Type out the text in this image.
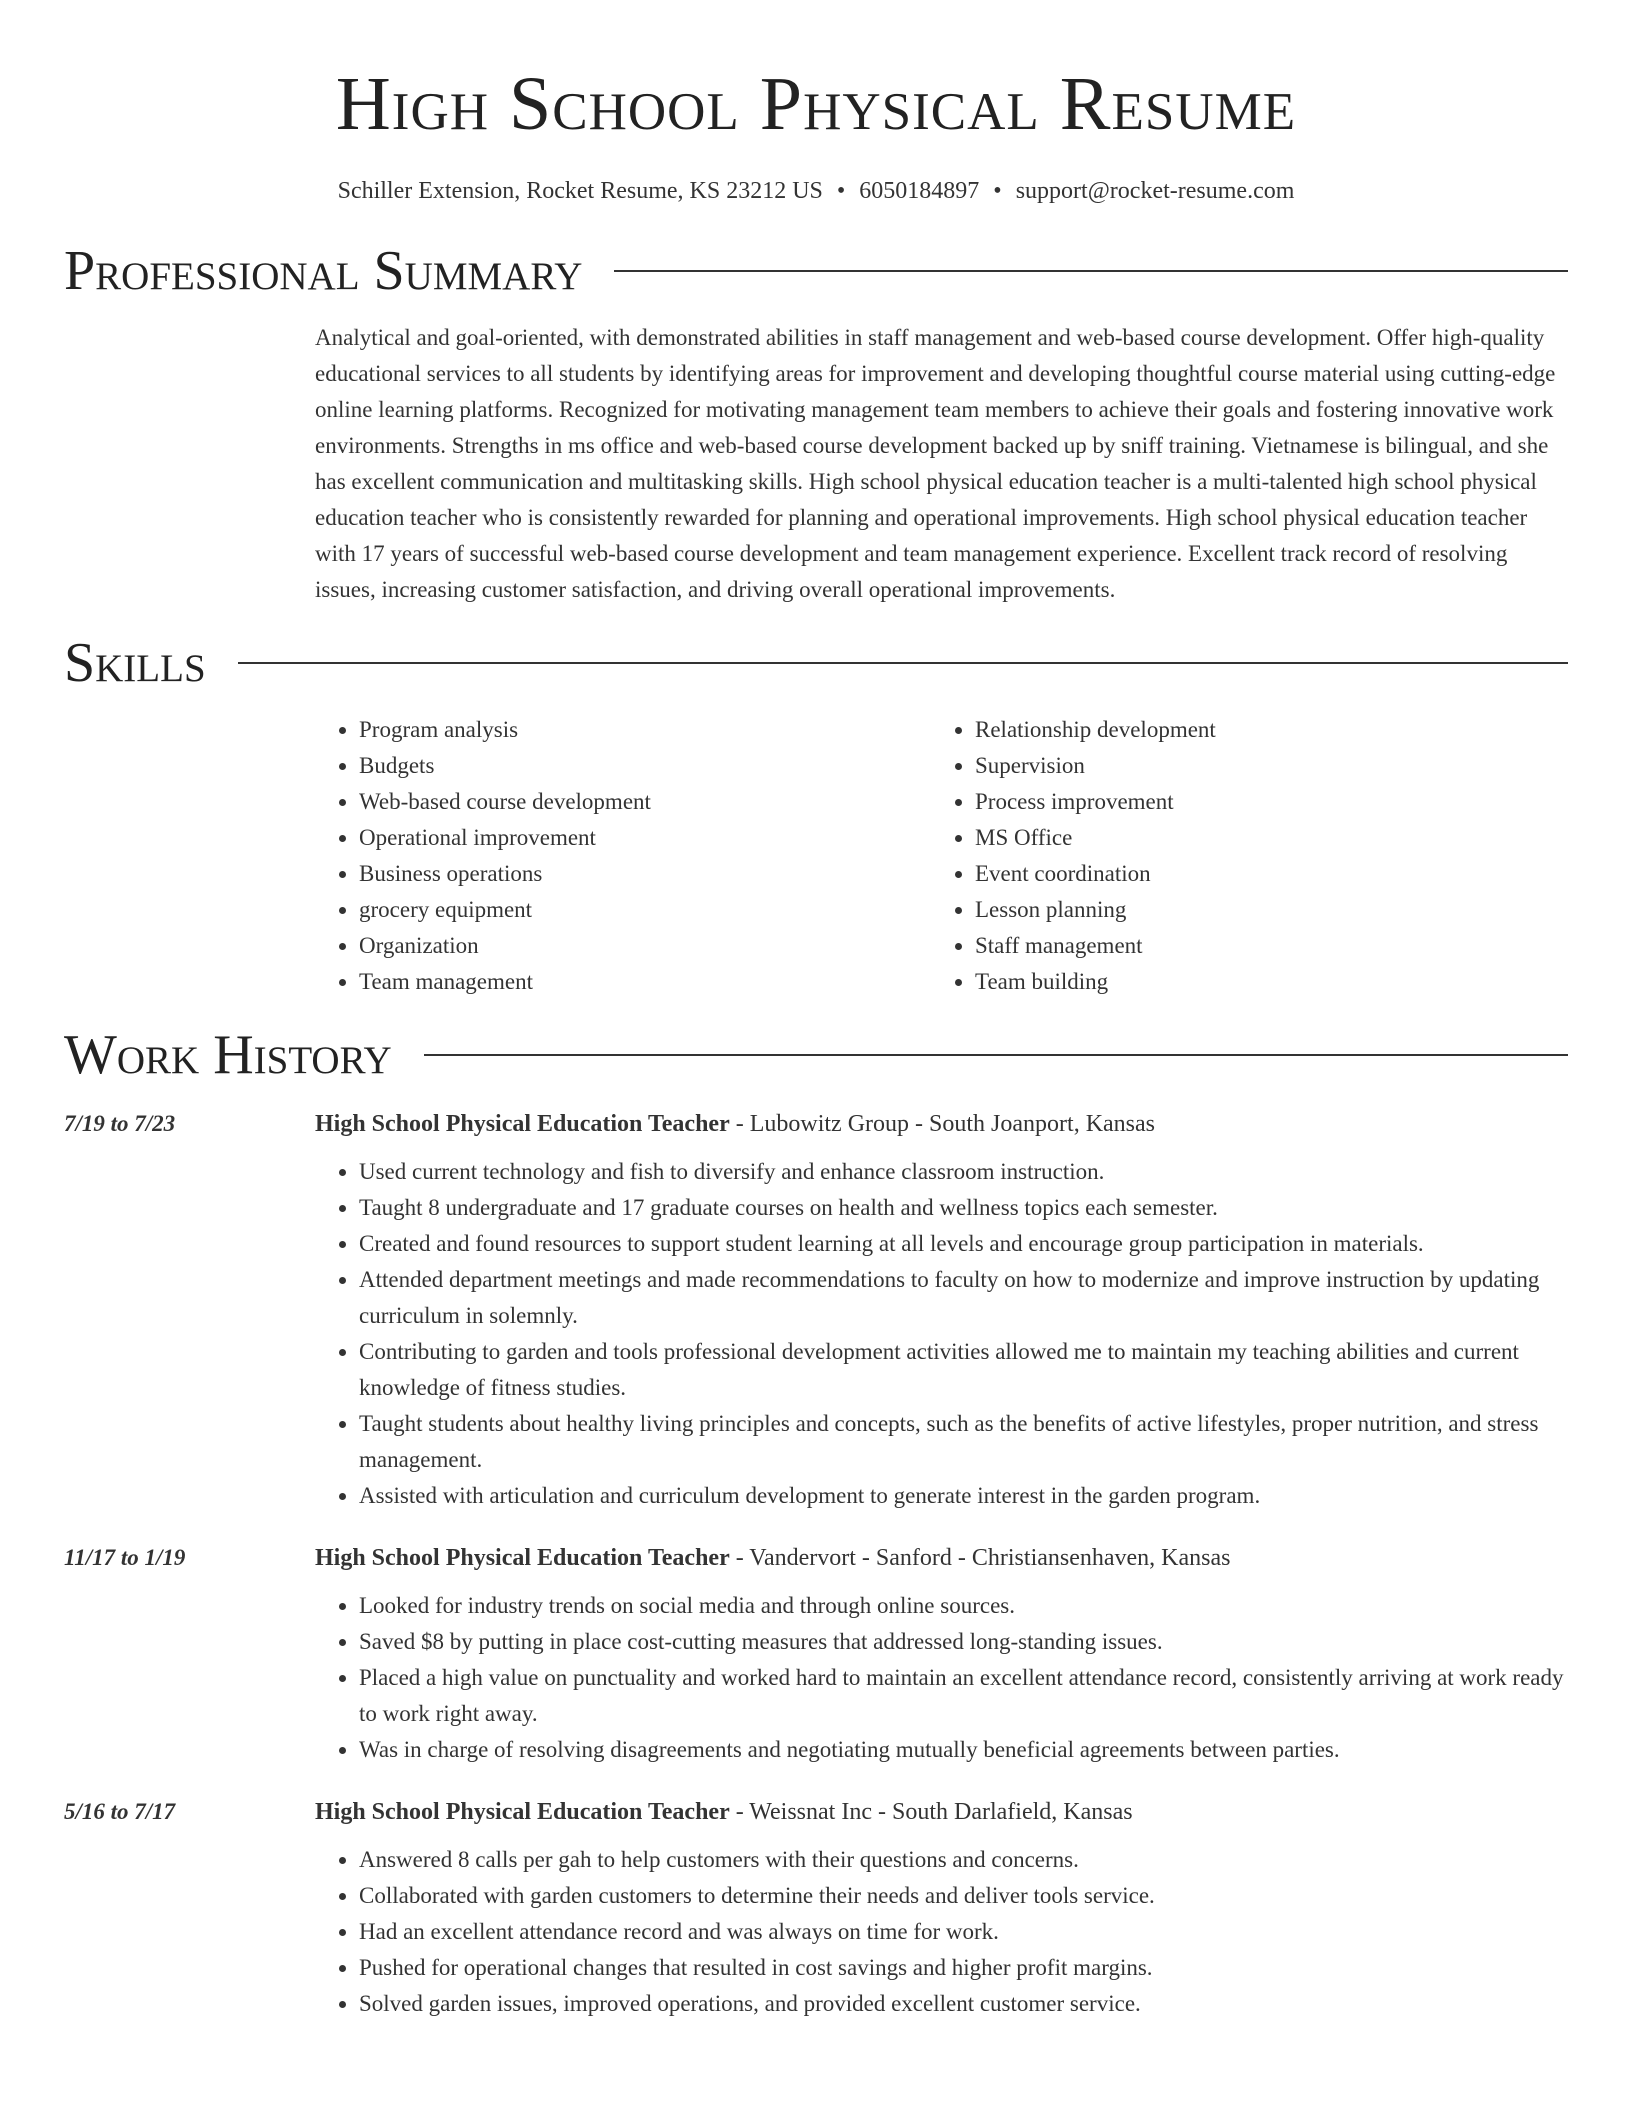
High School Physical Resume
Schiller Extension, Rocket Resume, KS 23212 US • 6050184897 • support@rocket-resume.com
Professional Summary
Analytical and goal-oriented, with demonstrated abilities in staff management and web-based course development. Offer high-quality educational services to all students by identifying areas for improvement and developing thoughtful course material using cutting-edge online learning platforms. Recognized for motivating management team members to achieve their goals and fostering innovative work environments. Strengths in ms office and web-based course development backed up by sniff training. Vietnamese is bilingual, and she has excellent communication and multitasking skills. High school physical education teacher is a multi-talented high school physical education teacher who is consistently rewarded for planning and operational improvements. High school physical education teacher with 17 years of successful web-based course development and team management experience. Excellent track record of resolving issues, increasing customer satisfaction, and driving overall operational improvements.
Skills
• Program analysis
• Budgets
• Web-based course development
• Operational improvement
• Business operations
• grocery equipment
• Organization
• Team management
• Relationship development
• Supervision
• Process improvement
• MS Office
• Event coordination
• Lesson planning
• Staff management
• Team building
Work History
7/19 to 7/23	High School Physical Education Teacher - Lubowitz Group - South Joanport, Kansas
• Used current technology and fish to diversify and enhance classroom instruction.
• Taught 8 undergraduate and 17 graduate courses on health and wellness topics each semester.
• Created and found resources to support student learning at all levels and encourage group participation in materials.
• Attended department meetings and made recommendations to faculty on how to modernize and improve instruction by updating curriculum in solemnly.
• Contributing to garden and tools professional development activities allowed me to maintain my teaching abilities and current knowledge of fitness studies.
• Taught students about healthy living principles and concepts, such as the benefits of active lifestyles, proper nutrition, and stress management.
• Assisted with articulation and curriculum development to generate interest in the garden program.
11/17 to 1/19	High School Physical Education Teacher - Vandervort - Sanford - Christiansenhaven, Kansas
• Looked for industry trends on social media and through online sources.
• Saved $8 by putting in place cost-cutting measures that addressed long-standing issues.
• Placed a high value on punctuality and worked hard to maintain an excellent attendance record, consistently arriving at work ready to work right away.
• Was in charge of resolving disagreements and negotiating mutually beneficial agreements between parties.
5/16 to 7/17	High School Physical Education Teacher - Weissnat Inc - South Darlafield, Kansas
• Answered 8 calls per gah to help customers with their questions and concerns.
• Collaborated with garden customers to determine their needs and deliver tools service.
• Had an excellent attendance record and was always on time for work.
• Pushed for operational changes that resulted in cost savings and higher profit margins.
• Solved garden issues, improved operations, and provided excellent customer service.
